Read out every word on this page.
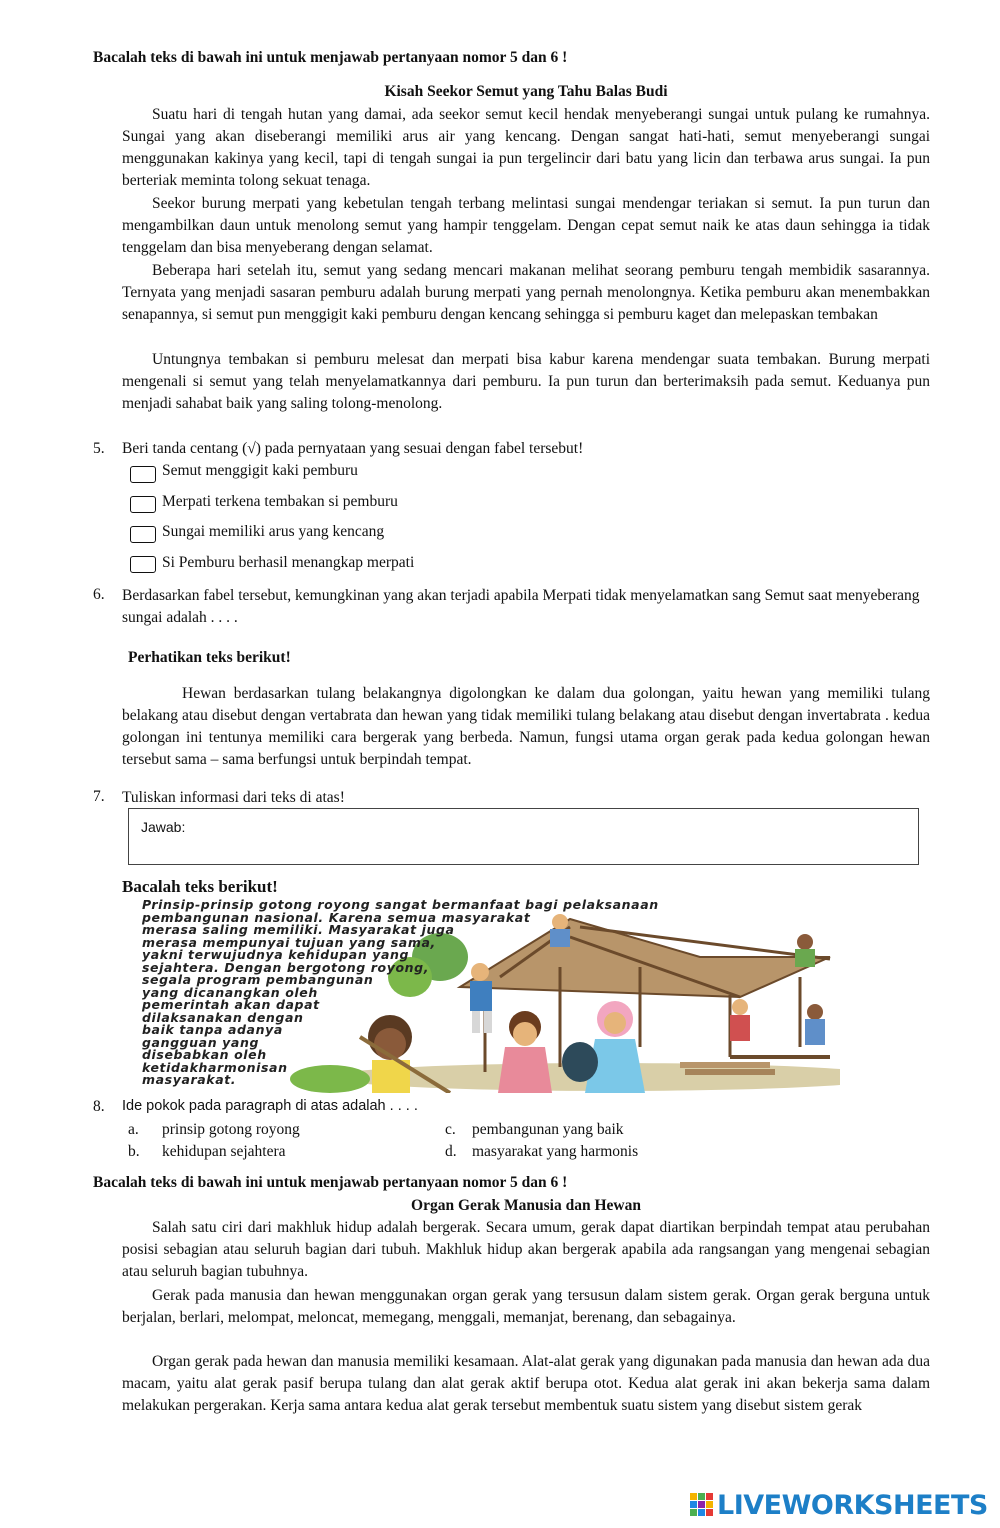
Bacalah teks di bawah ini untuk menjawab pertanyaan nomor 5 dan 6 !
Kisah Seekor Semut yang Tahu Balas Budi

Suatu hari di tengah hutan yang damai, ada seekor semut kecil hendak menyeberangi sungai untuk pulang ke rumahnya. Sungai yang akan diseberangi memiliki arus air yang kencang. Dengan sangat hati-hati, semut menyeberangi sungai menggunakan kakinya yang kecil, tapi di tengah sungai ia pun tergelincir dari batu yang licin dan terbawa arus sungai. Ia pun berteriak meminta tolong sekuat tenaga.

Seekor burung merpati yang kebetulan tengah terbang melintasi sungai mendengar teriakan si semut. Ia pun turun dan mengambilkan daun untuk menolong semut yang hampir tenggelam. Dengan cepat semut naik ke atas daun sehingga ia tidak tenggelam dan bisa menyeberang dengan selamat.

Beberapa hari setelah itu, semut yang sedang mencari makanan melihat seorang pemburu tengah membidik sasarannya. Ternyata yang menjadi sasaran pemburu adalah burung merpati yang pernah menolongnya. Ketika pemburu akan menembakkan senapannya, si semut pun menggigit kaki pemburu dengan kencang sehingga si pemburu kaget dan melepaskan tembakan

Untungnya tembakan si pemburu melesat dan merpati bisa kabur karena mendengar suata tembakan. Burung merpati mengenali si semut yang telah menyelamatkannya dari pemburu. Ia pun turun dan berterimaksih pada semut. Keduanya pun menjadi sahabat baik yang saling tolong-menolong.

5. Beri tanda centang (√) pada pernyataan yang sesuai dengan fabel tersebut!
Semut menggigit kaki pemburu
Merpati terkena tembakan si pemburu
Sungai memiliki arus yang kencang
Si Pemburu berhasil menangkap merpati
6. Berdasarkan fabel tersebut, kemungkinan yang akan terjadi apabila Merpati tidak menyelamatkan sang Semut saat menyeberang sungai adalah . . . .
Perhatikan teks berikut!

Hewan berdasarkan tulang belakangnya digolongkan ke dalam dua golongan, yaitu hewan yang memiliki tulang belakang atau disebut dengan vertabrata dan hewan yang tidak memiliki tulang belakang atau disebut dengan invertabrata . kedua golongan ini tentunya memiliki cara bergerak yang berbeda. Namun, fungsi utama organ gerak pada kedua golongan hewan tersebut sama – sama berfungsi untuk berpindah tempat.

7. Tuliskan informasi dari teks di atas!
Jawab:
Bacalah teks berikut!
Prinsip-prinsip gotong royong sangat bermanfaat bagi pelaksanaan
pembangunan nasional. Karena semua masyarakat
merasa saling memiliki. Masyarakat juga
merasa mempunyai tujuan yang sama,
yakni terwujudnya kehidupan yang
sejahtera. Dengan bergotong royong,
segala program pembangunan
yang dicanangkan oleh
pemerintah akan dapat
dilaksanakan dengan
baik tanpa adanya
gangguan yang
disebabkan oleh
ketidakharmonisan
masyarakat.
8. Ide pokok pada paragraph di atas adalah . . . .
a. prinsip gotong royong
b. kehidupan sejahtera
c. pembangunan yang baik
d. masyarakat yang harmonis
Bacalah teks di bawah ini untuk menjawab pertanyaan nomor 5 dan 6 !
Organ Gerak Manusia dan Hewan

Salah satu ciri dari makhluk hidup adalah bergerak. Secara umum, gerak dapat diartikan berpindah tempat atau perubahan posisi sebagian atau seluruh bagian dari tubuh. Makhluk hidup akan bergerak apabila ada rangsangan yang mengenai sebagian atau seluruh bagian tubuhnya.

Gerak pada manusia dan hewan menggunakan organ gerak yang tersusun dalam sistem gerak. Organ gerak berguna untuk berjalan, berlari, melompat, meloncat, memegang, menggali, memanjat, berenang, dan sebagainya.

Organ gerak pada hewan dan manusia memiliki kesamaan. Alat-alat gerak yang digunakan pada manusia dan hewan ada dua macam, yaitu alat gerak pasif berupa tulang dan alat gerak aktif berupa otot. Kedua alat gerak ini akan bekerja sama dalam melakukan pergerakan. Kerja sama antara kedua alat gerak tersebut membentuk suatu sistem yang disebut sistem gerak

LIVEWORKSHEETS
